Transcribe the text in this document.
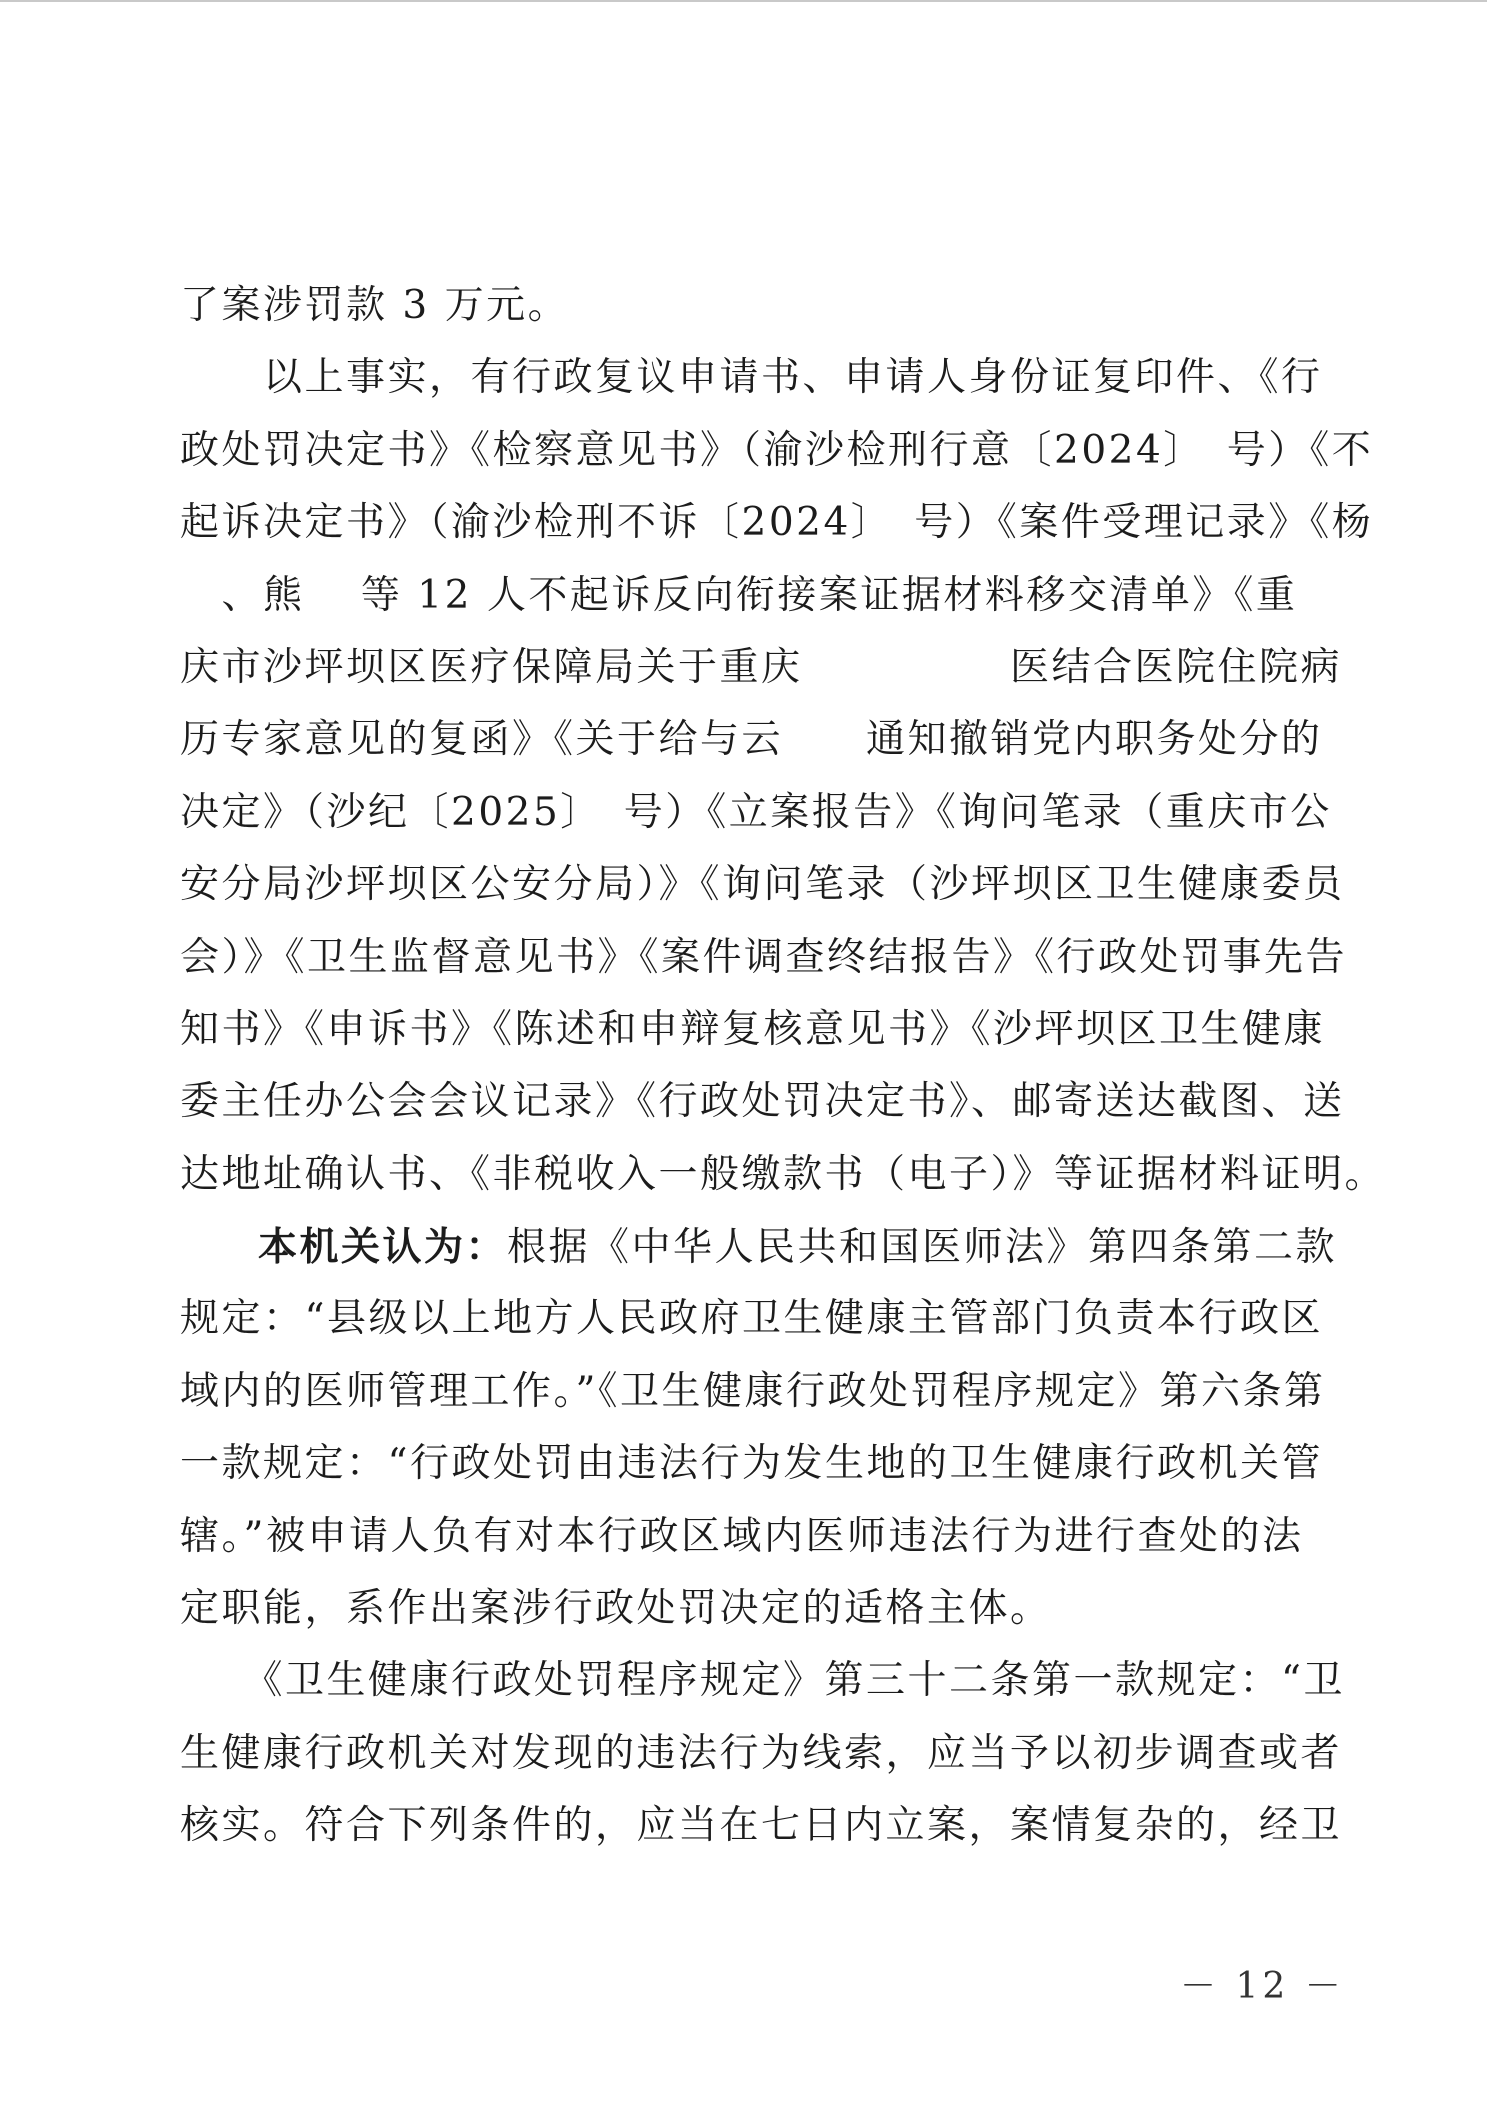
了案涉罚款 3 万元。
　　以上事实，有行政复议申请书、申请人身份证复印件、《行
政处罚决定书》《检察意见书》（渝沙检刑行意〔2024〕　号）《不
起诉决定书》（渝沙检刑不诉〔2024〕　号）《案件受理记录》《杨
　、熊　 等 12 人不起诉反向衔接案证据材料移交清单》《重
庆市沙坪坝区医疗保障局关于重庆　　　　　医结合医院住院病
历专家意见的复函》《关于给与云　　通知撤销党内职务处分的
决定》（沙纪〔2025〕　号）《立案报告》《询问笔录（重庆市公
安分局沙坪坝区公安分局）》《询问笔录（沙坪坝区卫生健康委员
会）》《卫生监督意见书》《案件调查终结报告》《行政处罚事先告
知书》《申诉书》《陈述和申辩复核意见书》《沙坪坝区卫生健康
委主任办公会会议记录》《行政处罚决定书》、邮寄送达截图、送
达地址确认书、《非税收入一般缴款书（电子）》等证据材料证明。
本机关认为：根据《中华人民共和国医师法》第四条第二款
规定：“县级以上地方人民政府卫生健康主管部门负责本行政区
域内的医师管理工作。”《卫生健康行政处罚程序规定》第六条第
一款规定：“行政处罚由违法行为发生地的卫生健康行政机关管
辖。”被申请人负有对本行政区域内医师违法行为进行查处的法
定职能，系作出案涉行政处罚决定的适格主体。
　　《卫生健康行政处罚程序规定》第三十二条第一款规定：“卫
生健康行政机关对发现的违法行为线索，应当予以初步调查或者
核实。符合下列条件的，应当在七日内立案，案情复杂的，经卫
－ 12 －
